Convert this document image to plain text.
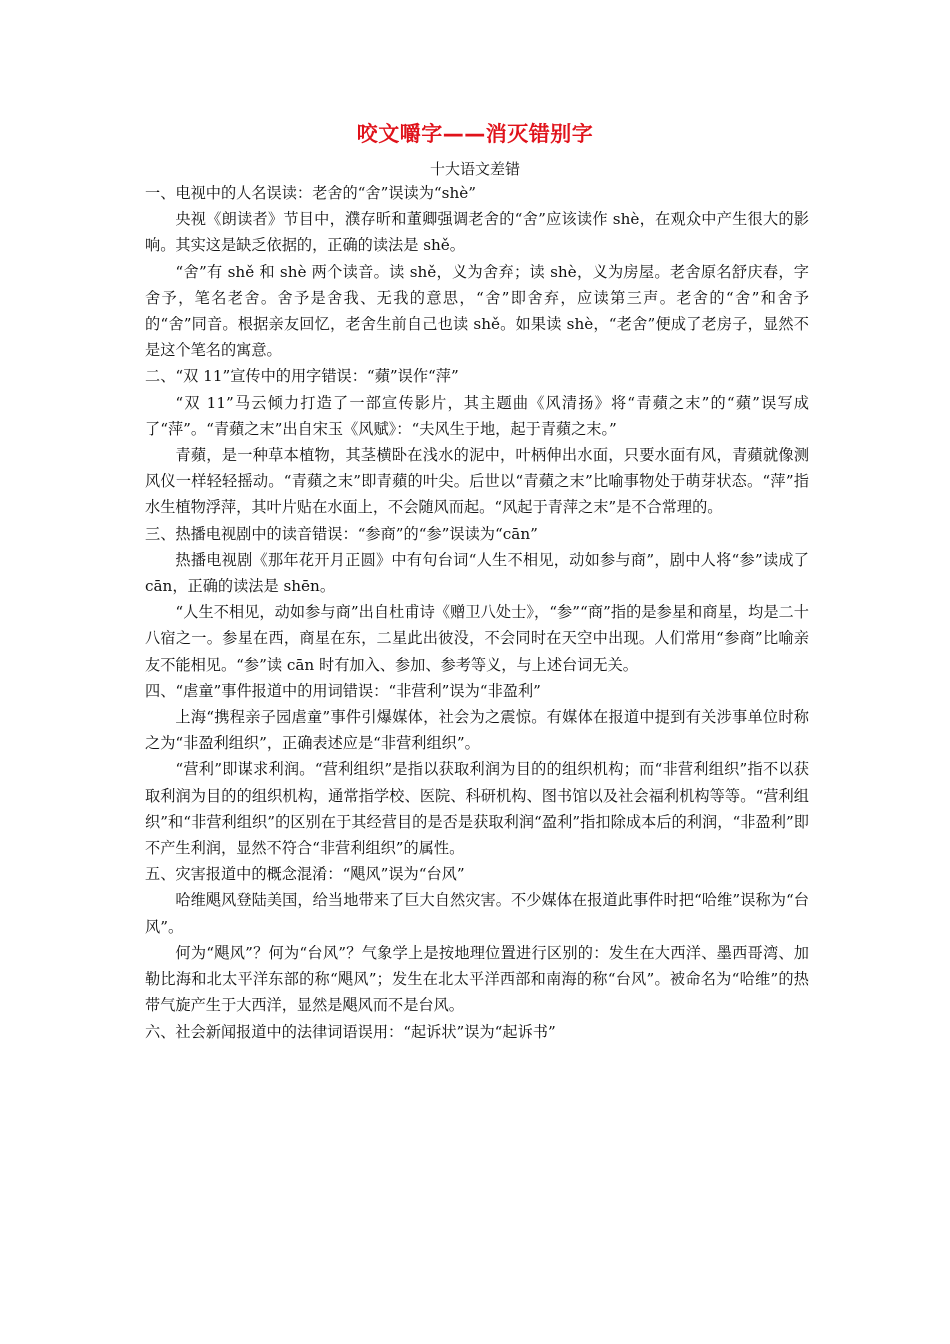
咬文嚼字——消灭错别字
十大语文差错

一、电视中的人名误读：老舍的“舍”误读为“shè”

央视《朗读者》节目中，濮存昕和董卿强调老舍的“舍”应该读作 shè，在观众中产生很大的影响。其实这是缺乏依据的，正确的读法是 shě。

“舍”有 shě 和 shè 两个读音。读 shě，义为舍弃；读 shè，义为房屋。老舍原名舒庆春，字舍予，笔名老舍。舍予是舍我、无我的意思，“舍”即舍弃，应读第三声。老舍的“舍”和舍予的“舍”同音。根据亲友回忆，老舍生前自己也读 shě。如果读 shè，“老舍”便成了老房子，显然不是这个笔名的寓意。

二、“双 11”宣传中的用字错误：“蘋”误作“萍”

“双 11”马云倾力打造了一部宣传影片，其主题曲《风清扬》将“青蘋之末”的“蘋”误写成了“萍”。“青蘋之末”出自宋玉《风赋》：“夫风生于地，起于青蘋之末。”

青蘋，是一种草本植物，其茎横卧在浅水的泥中，叶柄伸出水面，只要水面有风，青蘋就像测风仪一样轻轻摇动。“青蘋之末”即青蘋的叶尖。后世以“青蘋之末”比喻事物处于萌芽状态。“萍”指水生植物浮萍，其叶片贴在水面上，不会随风而起。“风起于青萍之末”是不合常理的。

三、热播电视剧中的读音错误：“参商”的“参”误读为“cān”

热播电视剧《那年花开月正圆》中有句台词“人生不相见，动如参与商”，剧中人将“参”读成了 cān，正确的读法是 shēn。

“人生不相见，动如参与商”出自杜甫诗《赠卫八处士》，“参”“商”指的是参星和商星，均是二十八宿之一。参星在西，商星在东，二星此出彼没，不会同时在天空中出现。人们常用“参商”比喻亲友不能相见。“参”读 cān 时有加入、参加、参考等义，与上述台词无关。

四、“虐童”事件报道中的用词错误：“非营利”误为“非盈利”

上海“携程亲子园虐童”事件引爆媒体，社会为之震惊。有媒体在报道中提到有关涉事单位时称之为“非盈利组织”，正确表述应是“非营利组织”。

“营利”即谋求利润。“营利组织”是指以获取利润为目的的组织机构；而“非营利组织”指不以获取利润为目的的组织机构，通常指学校、医院、科研机构、图书馆以及社会福利机构等等。“营利组织”和“非营利组织”的区别在于其经营目的是否是获取利润“盈利”指扣除成本后的利润，“非盈利”即不产生利润，显然不符合“非营利组织”的属性。

五、灾害报道中的概念混淆：“飓风”误为“台风”

哈维飓风登陆美国，给当地带来了巨大自然灾害。不少媒体在报道此事件时把“哈维”误称为“台风”。

何为“飓风”？何为“台风”？气象学上是按地理位置进行区别的：发生在大西洋、墨西哥湾、加勒比海和北太平洋东部的称“飓风”；发生在北太平洋西部和南海的称“台风”。被命名为“哈维”的热带气旋产生于大西洋，显然是飓风而不是台风。

六、社会新闻报道中的法律词语误用：“起诉状”误为“起诉书”
